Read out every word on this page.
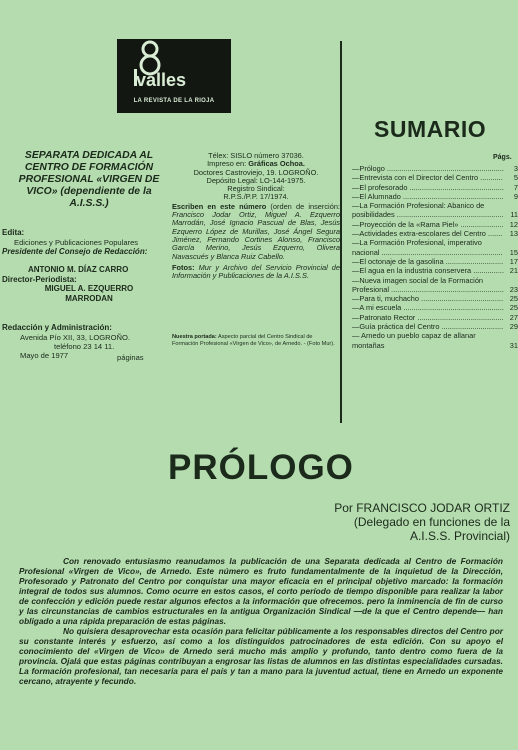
valles
LA REVISTA DE LA RIOJA
SEPARATA DEDICADA AL CENTRO DE FORMACIÓN PROFESIONAL «VIRGEN DE VICO» (dependiente de la A.I.S.S.)
Edita:
Ediciones y Publicaciones Populares
Presidente del Consejo de Redacción:
ANTONIO M. DÍAZ CARRO
Director-Periodista:
MIGUEL A. EZQUERRO MARRODAN
Redacción y Administración:
Avenida Pío XII, 33, LOGROÑO.
teléfono 23 14 11.
Mayo de 1977	páginas

Télex: SISLO número 37036.

Impreso en: Gráficas Ochoa.

Doctores Castroviejo, 19. LOGROÑO.

Depósito Legal: LO-144-1975.

Registro Sindical:

R.P.S./P.P. 17/1974.

Escriben en este número (orden de inserción: Francisco Jodar Ortiz, Miguel A. Ezquerro Marrodán, José Ignacio Pascual de Blas, Jesús Ezquerro López de Murillas, José Ángel Segura Jiménez, Fernando Cortines Alonso, Francisco García Merino, Jesús Ezquerro, Olivera Navascués y Blanca Ruiz Cabello.

Fotos: Mur y Archivo del Servicio Provincial de Información y Publicaciones de la A.I.S.S.

Nuestra portada: Aspecto parcial del Centro Sindical de Formación Profesional «Virgen de Vico», de Arnedo. - (Foto Mur).
SUMARIO
Págs.
—Prólogo .........................................................	3
—Entrevista con el Director del Centro ...........	5
—El profesorado ..............................................	7
—El Alumnado .................................................	9
—La Formación Profesional: Abanico de posibilidades .................................................... 11
—Proyección de la «Rama Piel» ..................... 12
—Actividades extra-escolares del Centro .......	13
—La Formación Profesional, imperativo nacional ........................................................... 15
—El octonaje de la gasolina ............................ 17
—El agua en la industria conservera ............... 21
—Nueva imagen social de la Formación Profesional ....................................................... 23
—Para ti, muchacho ........................................ 25
—A mi escuela ................................................. 25
—Patronato Rector .......................................... 27
—Guía práctica del Centro .............................. 29
— Arnedo un pueblo capaz de allanar montañas	31
PRÓLOGO
Por FRANCISCO JODAR ORTIZ
(Delegado en funciones de la
A.I.S.S. Provincial)

Con renovado entusiasmo reanudamos la publicación de una Separata dedicada al Centro de Formación Profesional «Virgen de Vico», de Arnedo. Este número es fruto fundamentalmente de la inquietud de la Dirección, Profesorado y Patronato del Centro por conquistar una mayor eficacia en el principal objetivo marcado: la formación integral de todos sus alumnos. Como ocurre en estos casos, el corto período de tiempo disponible para realizar la labor de confección y edición puede restar algunos efectos a la información que ofrecemos. pero la inminencia de fin de curso y las circunstancias de cambios estructurales en la antigua Organización Sindical —de la que el Centro depende— han obligado a una rápida preparación de estas páginas.

No quisiera desaprovechar esta ocasión para felicitar públicamente a los responsables directos del Centro por su constante interés y esfuerzo, así como a los distinguidos patrocinadores de esta edición. Con su apoyo el conocimiento del «Virgen de Vico» de Arnedo será mucho más amplio y profundo, tanto dentro como fuera de la provincia. Ojalá que estas páginas contribuyan a engrosar las listas de alumnos en las distintas especialidades cursadas. La formación profesional, tan necesaria para el país y tan a mano para la juventud actual, tiene en Arnedo un exponente cercano, atrayente y fecundo.
